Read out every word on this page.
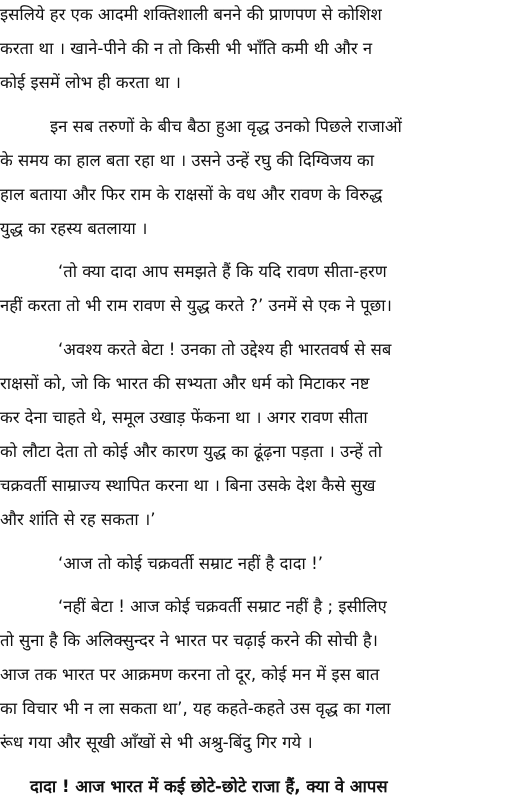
इसलिये हर एक आदमी शक्तिशाली बनने की प्राणपण से कोशिश
करता था । खाने-पीने की न तो किसी भी भाँति कमी थी और न
कोई इसमें लोभ ही करता था ।
इन सब तरुणों के बीच बैठा हुआ वृद्ध उनको पिछले राजाओं
के समय का हाल बता रहा था । उसने उन्हें रघु की दिग्विजय का
हाल बताया और फिर राम के राक्षसों के वध और रावण के विरुद्ध
युद्ध का रहस्य बतलाया ।
‘तो क्या दादा आप समझते हैं कि यदि रावण सीता-हरण
नहीं करता तो भी राम रावण से युद्ध करते ?’ उनमें से एक ने पूछा।
‘अवश्य करते बेटा ! उनका तो उद्देश्य ही भारतवर्ष से सब
राक्षसों को, जो कि भारत की सभ्यता और धर्म को मिटाकर नष्ट
कर देना चाहते थे, समूल उखाड़ फेंकना था । अगर रावण सीता
को लौटा देता तो कोई और कारण युद्ध का ढूंढ़ना पड़ता । उन्हें तो
चक्रवर्ती साम्राज्य स्थापित करना था । बिना उसके देश कैसे सुख
और शांति से रह सकता ।’
‘आज तो कोई चक्रवर्ती सम्राट नहीं है दादा !’
‘नहीं बेटा ! आज कोई चक्रवर्ती सम्राट नहीं है ; इसीलिए
तो सुना है कि अलिक्सुन्दर ने भारत पर चढ़ाई करने की सोची है।
आज तक भारत पर आक्रमण करना तो दूर, कोई मन में इस बात
का विचार भी न ला सकता था’, यह कहते-कहते उस वृद्ध का गला
रूंध गया और सूखी आँखों से भी अश्रु-बिंदु गिर गये ।
दादा ! आज भारत में कई छोटे-छोटे राजा हैं, क्या वे आपस
